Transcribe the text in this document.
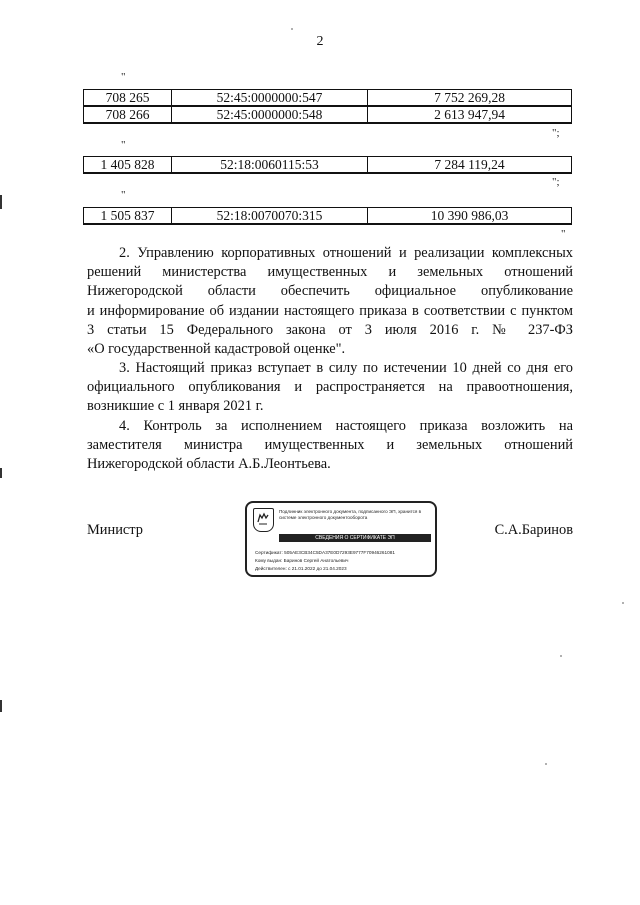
2
"
708 265	52:45:0000000:547	7 752 269,28
708 266	52:45:0000000:548	2 613 947,94
";
"
1 405 828	52:18:0060115:53	7 284 119,24
";
"
1 505 837	52:18:0070070:315	10 390 986,03
"
2. Управлению корпоративных отношений и реализации комплексных
решений министерства имущественных и земельных отношений
Нижегородской области обеспечить официальное опубликование
и информирование об издании настоящего приказа в соответствии с пунктом
3 статьи 15 Федерального закона от 3 июля 2016 г. № 237-ФЗ
«О государственной кадастровой оценке".
3. Настоящий приказ вступает в силу по истечении 10 дней со дня его
официального опубликования и распространяется на правоотношения,
возникшие с 1 января 2021 г.
4. Контроль за исполнением настоящего приказа возложить на
заместителя министра имущественных и земельных отношений
Нижегородской области А.Б.Леонтьева.
Министр
Подлинник электронного документа, подписанного ЭП, хранится в системе электронного документооборота
СВЕДЕНИЯ О СЕРТИФИКАТЕ ЭП
Сертификат: 505AE3CB34C5DA37E0D7293E9777F70946261081
Кому выдан: Баринов Сергей Анатольевич
Действителен: с 21.01.2022 до 21.04.2023
С.А.Баринов
